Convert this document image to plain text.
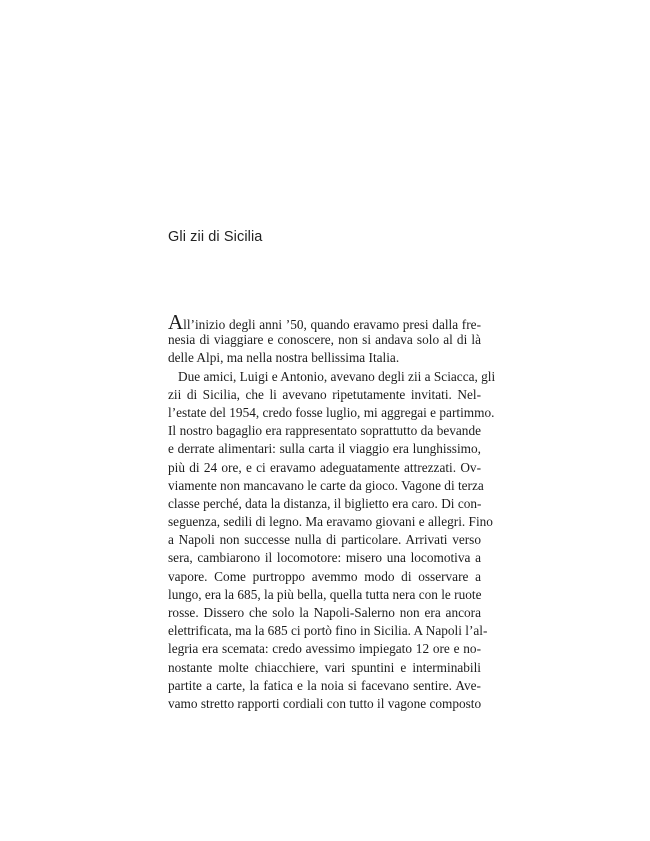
Gli zii di Sicilia
All’inizio degli anni ’50, quando eravamo presi dalla fre-
nesia di viaggiare e conoscere, non si andava solo al di là
delle Alpi, ma nella nostra bellissima Italia.
Due amici, Luigi e Antonio, avevano degli zii a Sciacca, gli
zii di Sicilia, che li avevano ripetutamente invitati. Nel-
l’estate del 1954, credo fosse luglio, mi aggregai e partimmo.
Il nostro bagaglio era rappresentato soprattutto da bevande
e derrate alimentari: sulla carta il viaggio era lunghissimo,
più di 24 ore, e ci eravamo adeguatamente attrezzati. Ov-
viamente non mancavano le carte da gioco. Vagone di terza
classe perché, data la distanza, il biglietto era caro. Di con-
seguenza, sedili di legno. Ma eravamo giovani e allegri. Fino
a Napoli non successe nulla di particolare. Arrivati verso
sera, cambiarono il locomotore: misero una locomotiva a
vapore. Come purtroppo avemmo modo di osservare a
lungo, era la 685, la più bella, quella tutta nera con le ruote
rosse. Dissero che solo la Napoli-Salerno non era ancora
elettrificata, ma la 685 ci portò fino in Sicilia. A Napoli l’al-
legria era scemata: credo avessimo impiegato 12 ore e no-
nostante molte chiacchiere, vari spuntini e interminabili
partite a carte, la fatica e la noia si facevano sentire. Ave-
vamo stretto rapporti cordiali con tutto il vagone composto
